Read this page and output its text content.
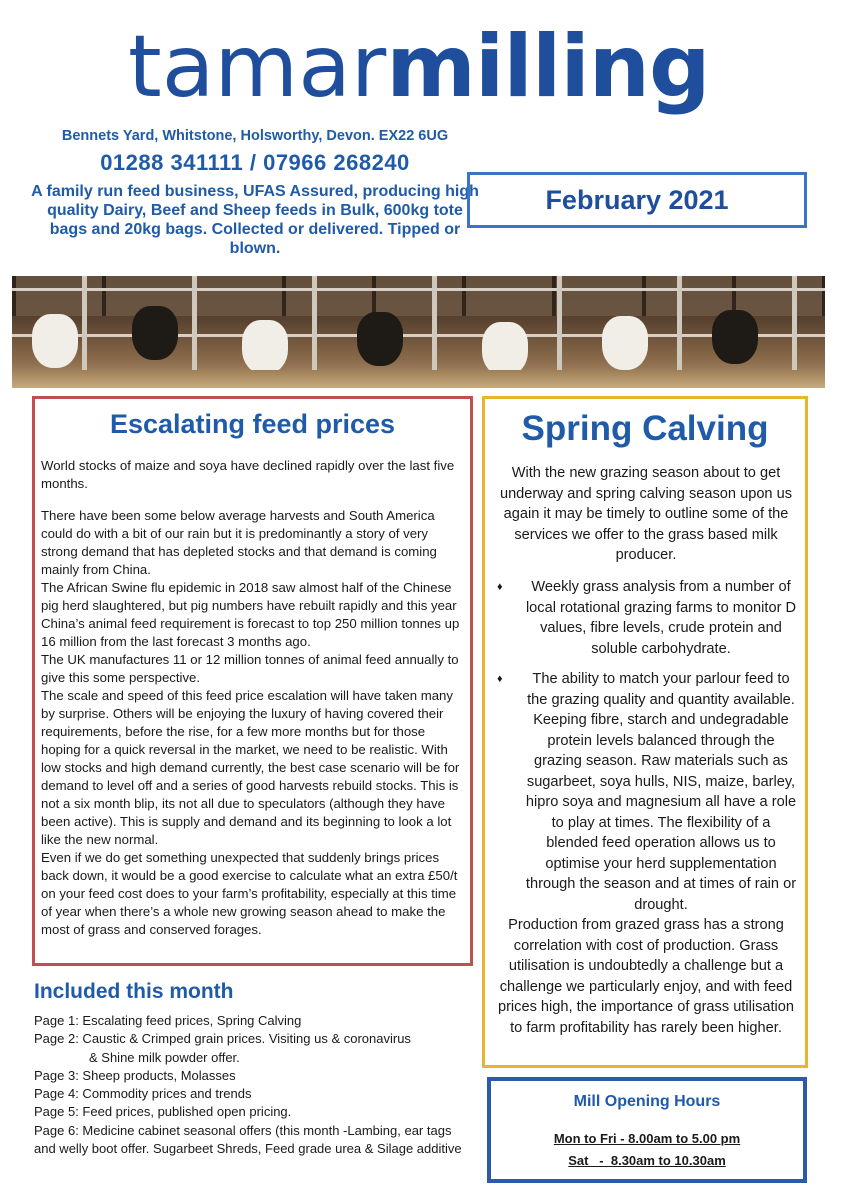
tamarmilling
Bennets Yard, Whitstone, Holsworthy, Devon. EX22 6UG
01288 341111 / 07966 268240
A family run feed business, UFAS Assured, producing high quality Dairy, Beef and Sheep feeds in Bulk, 600kg tote bags and 20kg bags. Collected or delivered. Tipped or blown.
February 2021
Escalating feed prices

World stocks of maize and soya have declined rapidly over the last five months.

There have been some below average harvests and South America could do with a bit of our rain but it is predominantly a story of very strong demand that has depleted stocks and that demand is coming mainly from China.

The African Swine flu epidemic in 2018 saw almost half of the Chinese pig herd slaughtered, but pig numbers have rebuilt rapidly and this year China’s animal feed requirement is forecast to top 250 million tonnes up 16 million from the last forecast 3 months ago.

The UK manufactures 11 or 12 million tonnes of animal feed annually to give this some perspective.

The scale and speed of this feed price escalation will have taken many by surprise. Others will be enjoying the luxury of having covered their requirements, before the rise, for a few more months but for those hoping for a quick reversal in the market, we need to be realistic. With low stocks and high demand currently, the best case scenario will be for demand to level off and a series of good harvests rebuild stocks. This is not a six month blip, its not all due to speculators (although they have been active). This is supply and demand and its beginning to look a lot like the new normal.

Even if we do get something unexpected that suddenly brings prices back down, it would be a good exercise to calculate what an extra £50/t on your feed cost does to your farm’s profitability, especially at this time of year when there’s a whole new growing season ahead to make the most of grass and conserved forages.

Included this month

Page 1: Escalating feed prices, Spring Calving

Page 2: Caustic & Crimped grain prices. Visiting us & coronavirus

& Shine milk powder offer.

Page 3: Sheep products, Molasses

Page 4: Commodity prices and trends

Page 5: Feed prices, published open pricing.

Page 6: Medicine cabinet seasonal offers (this month -Lambing, ear tags and welly boot offer. Sugarbeet Shreds, Feed grade urea & Silage additive

Spring Calving
With the new grazing season about to get underway and spring calving season upon us again it may be timely to outline some of the services we offer to the grass based milk producer.
♦	Weekly grass analysis from a number of local rotational grazing farms to monitor D values, fibre levels, crude protein and soluble carbohydrate.
♦	The ability to match your parlour feed to the grazing quality and quantity available. Keeping fibre, starch and undegradable protein levels balanced through the grazing season. Raw materials such as sugarbeet, soya hulls, NIS, maize, barley, hipro soya and magnesium all have a role to play at times. The flexibility of a blended feed operation allows us to optimise your herd supplementation through the season and at times of rain or drought.
Production from grazed grass has a strong correlation with cost of production. Grass utilisation is undoubtedly a challenge but a challenge we particularly enjoy, and with feed prices high, the importance of grass utilisation to farm profitability has rarely been higher.
Mill Opening Hours
Mon to Fri - 8.00am to 5.00 pm
Sat   -  8.30am to 10.30am
